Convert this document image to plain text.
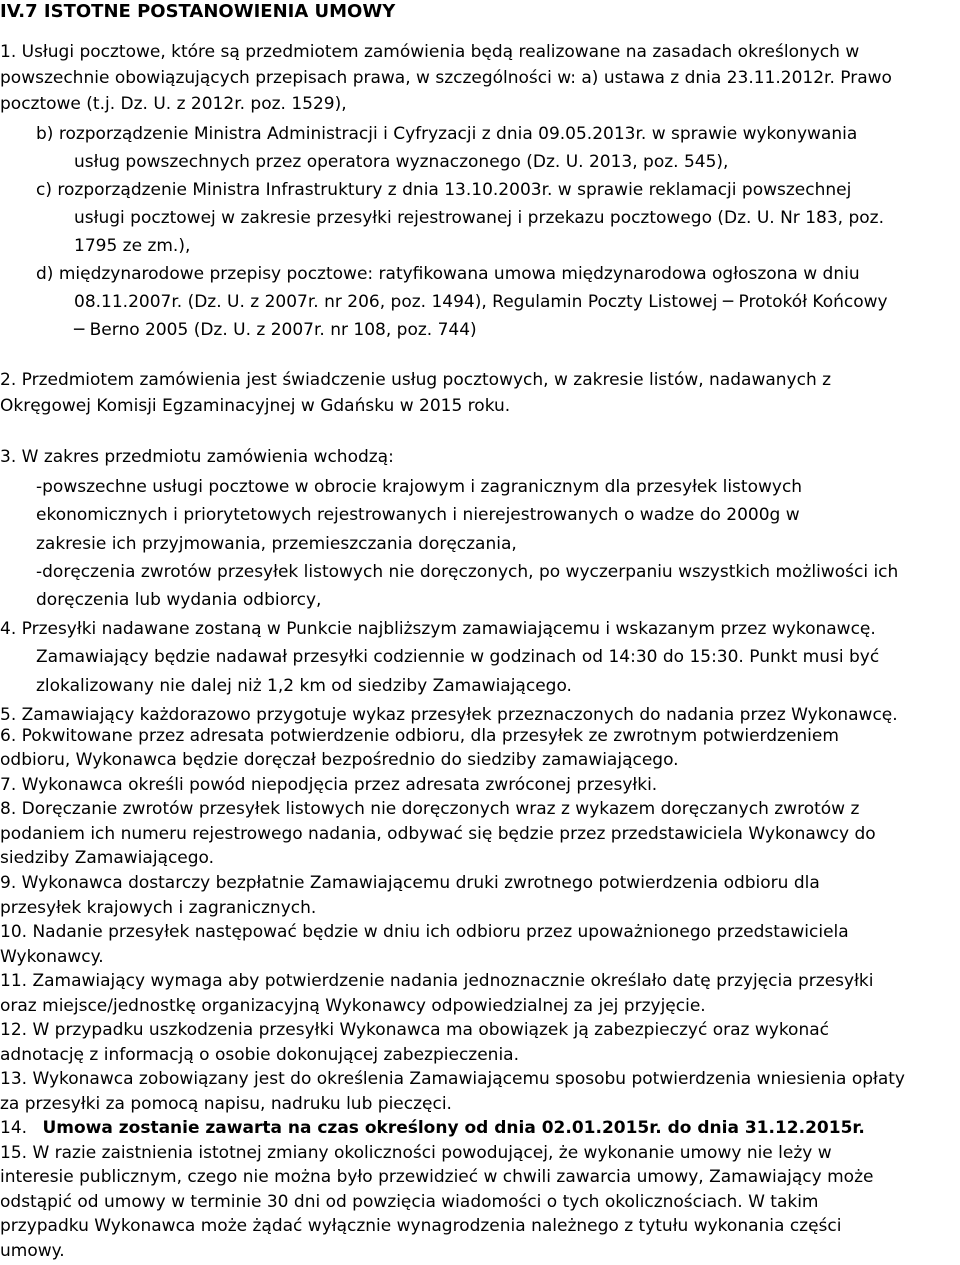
IV.7 ISTOTNE POSTANOWIENIA UMOWY
1. Usługi pocztowe, które są przedmiotem zamówienia będą realizowane na zasadach określonych w
powszechnie obowiązujących przepisach prawa, w szczególności w: a) ustawa z dnia 23.11.2012r. Prawo
pocztowe (t.j. Dz. U. z 2012r. poz. 1529),
b) rozporządzenie Ministra Administracji i Cyfryzacji z dnia 09.05.2013r. w sprawie wykonywania
usług powszechnych przez operatora wyznaczonego (Dz. U. 2013, poz. 545),
c) rozporządzenie Ministra Infrastruktury z dnia 13.10.2003r. w sprawie reklamacji powszechnej
usługi pocztowej w zakresie przesyłki rejestrowanej i przekazu pocztowego (Dz. U. Nr 183, poz.
1795 ze zm.),
d) międzynarodowe przepisy pocztowe: ratyfikowana umowa międzynarodowa ogłoszona w dniu
08.11.2007r. (Dz. U. z 2007r. nr 206, poz. 1494), Regulamin Poczty Listowej ─ Protokół Końcowy
─ Berno 2005 (Dz. U. z 2007r. nr 108, poz. 744)
2. Przedmiotem zamówienia jest świadczenie usług pocztowych, w zakresie listów, nadawanych z
Okręgowej Komisji Egzaminacyjnej w Gdańsku w 2015 roku.
3. W zakres przedmiotu zamówienia wchodzą:
-powszechne usługi pocztowe w obrocie krajowym i zagranicznym dla przesyłek listowych
ekonomicznych i priorytetowych rejestrowanych i nierejestrowanych o wadze do 2000g w
zakresie ich przyjmowania, przemieszczania doręczania,
-doręczenia zwrotów przesyłek listowych nie doręczonych, po wyczerpaniu wszystkich możliwości ich
doręczenia lub wydania odbiorcy,
4. Przesyłki nadawane zostaną w Punkcie najbliższym zamawiającemu i wskazanym przez wykonawcę.
Zamawiający będzie nadawał przesyłki codziennie w godzinach od 14:30 do 15:30. Punkt musi być
zlokalizowany nie dalej niż 1,2 km od siedziby Zamawiającego.
5. Zamawiający każdorazowo przygotuje wykaz przesyłek przeznaczonych do nadania przez Wykonawcę.
6. Pokwitowane przez adresata potwierdzenie odbioru, dla przesyłek ze zwrotnym potwierdzeniem
odbioru, Wykonawca będzie doręczał bezpośrednio do siedziby zamawiającego.
7. Wykonawca określi powód niepodjęcia przez adresata zwróconej przesyłki.
8. Doręczanie zwrotów przesyłek listowych nie doręczonych wraz z wykazem doręczanych zwrotów z
podaniem ich numeru rejestrowego nadania, odbywać się będzie przez przedstawiciela Wykonawcy do
siedziby Zamawiającego.
9. Wykonawca dostarczy bezpłatnie Zamawiającemu druki zwrotnego potwierdzenia odbioru dla
przesyłek krajowych i zagranicznych.
10. Nadanie przesyłek następować będzie w dniu ich odbioru przez upoważnionego przedstawiciela
Wykonawcy.
11. Zamawiający wymaga aby potwierdzenie nadania jednoznacznie określało datę przyjęcia przesyłki
oraz miejsce/jednostkę organizacyjną Wykonawcy odpowiedzialnej za jej przyjęcie.
12. W przypadku uszkodzenia przesyłki Wykonawca ma obowiązek ją zabezpieczyć oraz wykonać
adnotację z informacją o osobie dokonującej zabezpieczenia.
13. Wykonawca zobowiązany jest do określenia Zamawiającemu sposobu potwierdzenia wniesienia opłaty
za przesyłki za pomocą napisu, nadruku lub pieczęci.
14. Umowa zostanie zawarta na czas określony od dnia 02.01.2015r. do dnia 31.12.2015r.
15. W razie zaistnienia istotnej zmiany okoliczności powodującej, że wykonanie umowy nie leży w
interesie publicznym, czego nie można było przewidzieć w chwili zawarcia umowy, Zamawiający może
odstąpić od umowy w terminie 30 dni od powzięcia wiadomości o tych okolicznościach. W takim
przypadku Wykonawca może żądać wyłącznie wynagrodzenia należnego z tytułu wykonania części
umowy.
